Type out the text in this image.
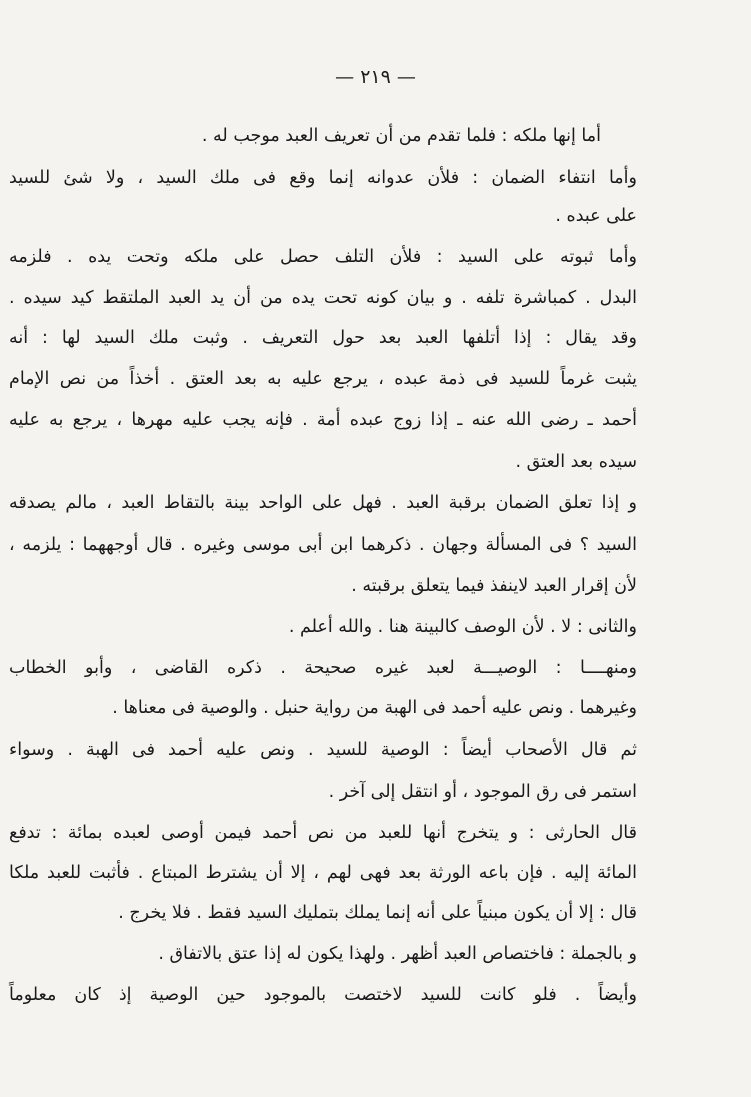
— ٢١٩ —
أما إنها ملكه : فلما تقدم من أن تعريف العبد موجب له .
وأما انتفاء الضمان : فلأن عدوانه إنما وقع فى ملك السيد ، ولا شئ للسيد
على عبده .
وأما ثبوته على السيد : فلأن التلف حصل على ملكه وتحت يده . فلزمه
البدل . كمباشرة تلفه . و بيان كونه تحت يده من أن يد العبد الملتقط كيد سيده .
وقد يقال : إذا أتلفها العبد بعد حول التعريف . وثبت ملك السيد لها : أنه
يثبت غرماً للسيد فى ذمة عبده ، يرجع عليه به بعد العتق . أخذاً من نص الإمام
أحمد ـ رضى الله عنه ـ إذا زوج عبده أمة . فإنه يجب عليه مهرها ، يرجع به عليه
سيده بعد العتق .
و إذا تعلق الضمان برقبة العبد . فهل على الواحد بينة بالتقاط العبد ، مالم يصدقه
السيد ؟ فى المسألة وجهان . ذكرهما ابن أبى موسى وغيره . قال أوجههما : يلزمه ،
لأن إقرار العبد لاينفذ فيما يتعلق برقبته .
والثانى : لا . لأن الوصف كالبينة هنا . والله أعلم .
ومنهــــا : الوصيـــة لعبد غيره صحيحة . ذكره القاضى ، وأبو الخطاب
وغيرهما . ونص عليه أحمد فى الهبة من رواية حنبل . والوصية فى معناها .
ثم قال الأصحاب أيضاً : الوصية للسيد . ونص عليه أحمد فى الهبة . وسواء
استمر فى رق الموجود ، أو انتقل إلى آخر .
قال الحارثى : و يتخرج أنها للعبد من نص أحمد فيمن أوصى لعبده بمائة : تدفع
المائة إليه . فإن باعه الورثة بعد فهى لهم ، إلا أن يشترط المبتاع . فأثبت للعبد ملكا
قال : إلا أن يكون مبنياً على أنه إنما يملك بتمليك السيد فقط . فلا يخرج .
و بالجملة : فاختصاص العبد أظهر . ولهذا يكون له إذا عتق بالاتفاق .
وأيضاً . فلو كانت للسيد لاختصت بالموجود حين الوصية إذ كان معلوماً
